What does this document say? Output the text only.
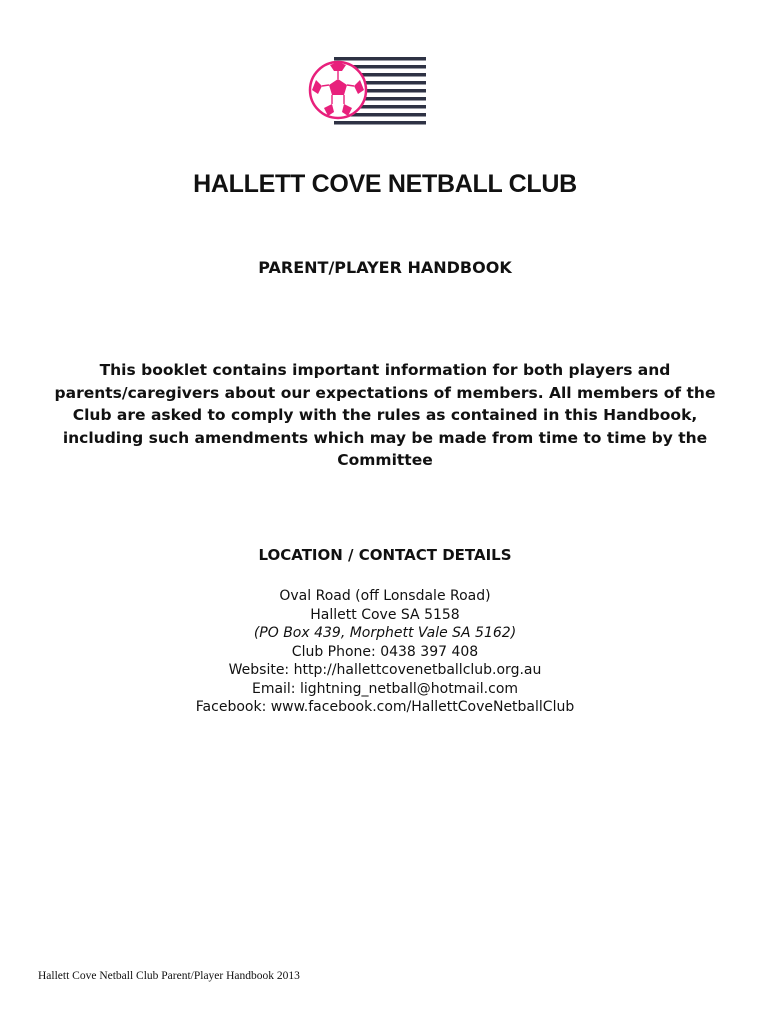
HALLETT COVE NETBALL CLUB
PARENT/PLAYER HANDBOOK

This booklet contains important information for both players and parents/caregivers about our expectations of members. All members of the Club are asked to comply with the rules as contained in this Handbook, including such amendments which may be made from time to time by the Committee

LOCATION / CONTACT DETAILS
Oval Road (off Lonsdale Road)
Hallett Cove SA 5158
(PO Box 439, Morphett Vale SA 5162)
Club Phone: 0438 397 408
Website: http://hallettcovenetballclub.org.au
Email: lightning_netball@hotmail.com
Facebook: www.facebook.com/HallettCoveNetballClub

Hallett Cove Netball Club Parent/Player Handbook 2013
